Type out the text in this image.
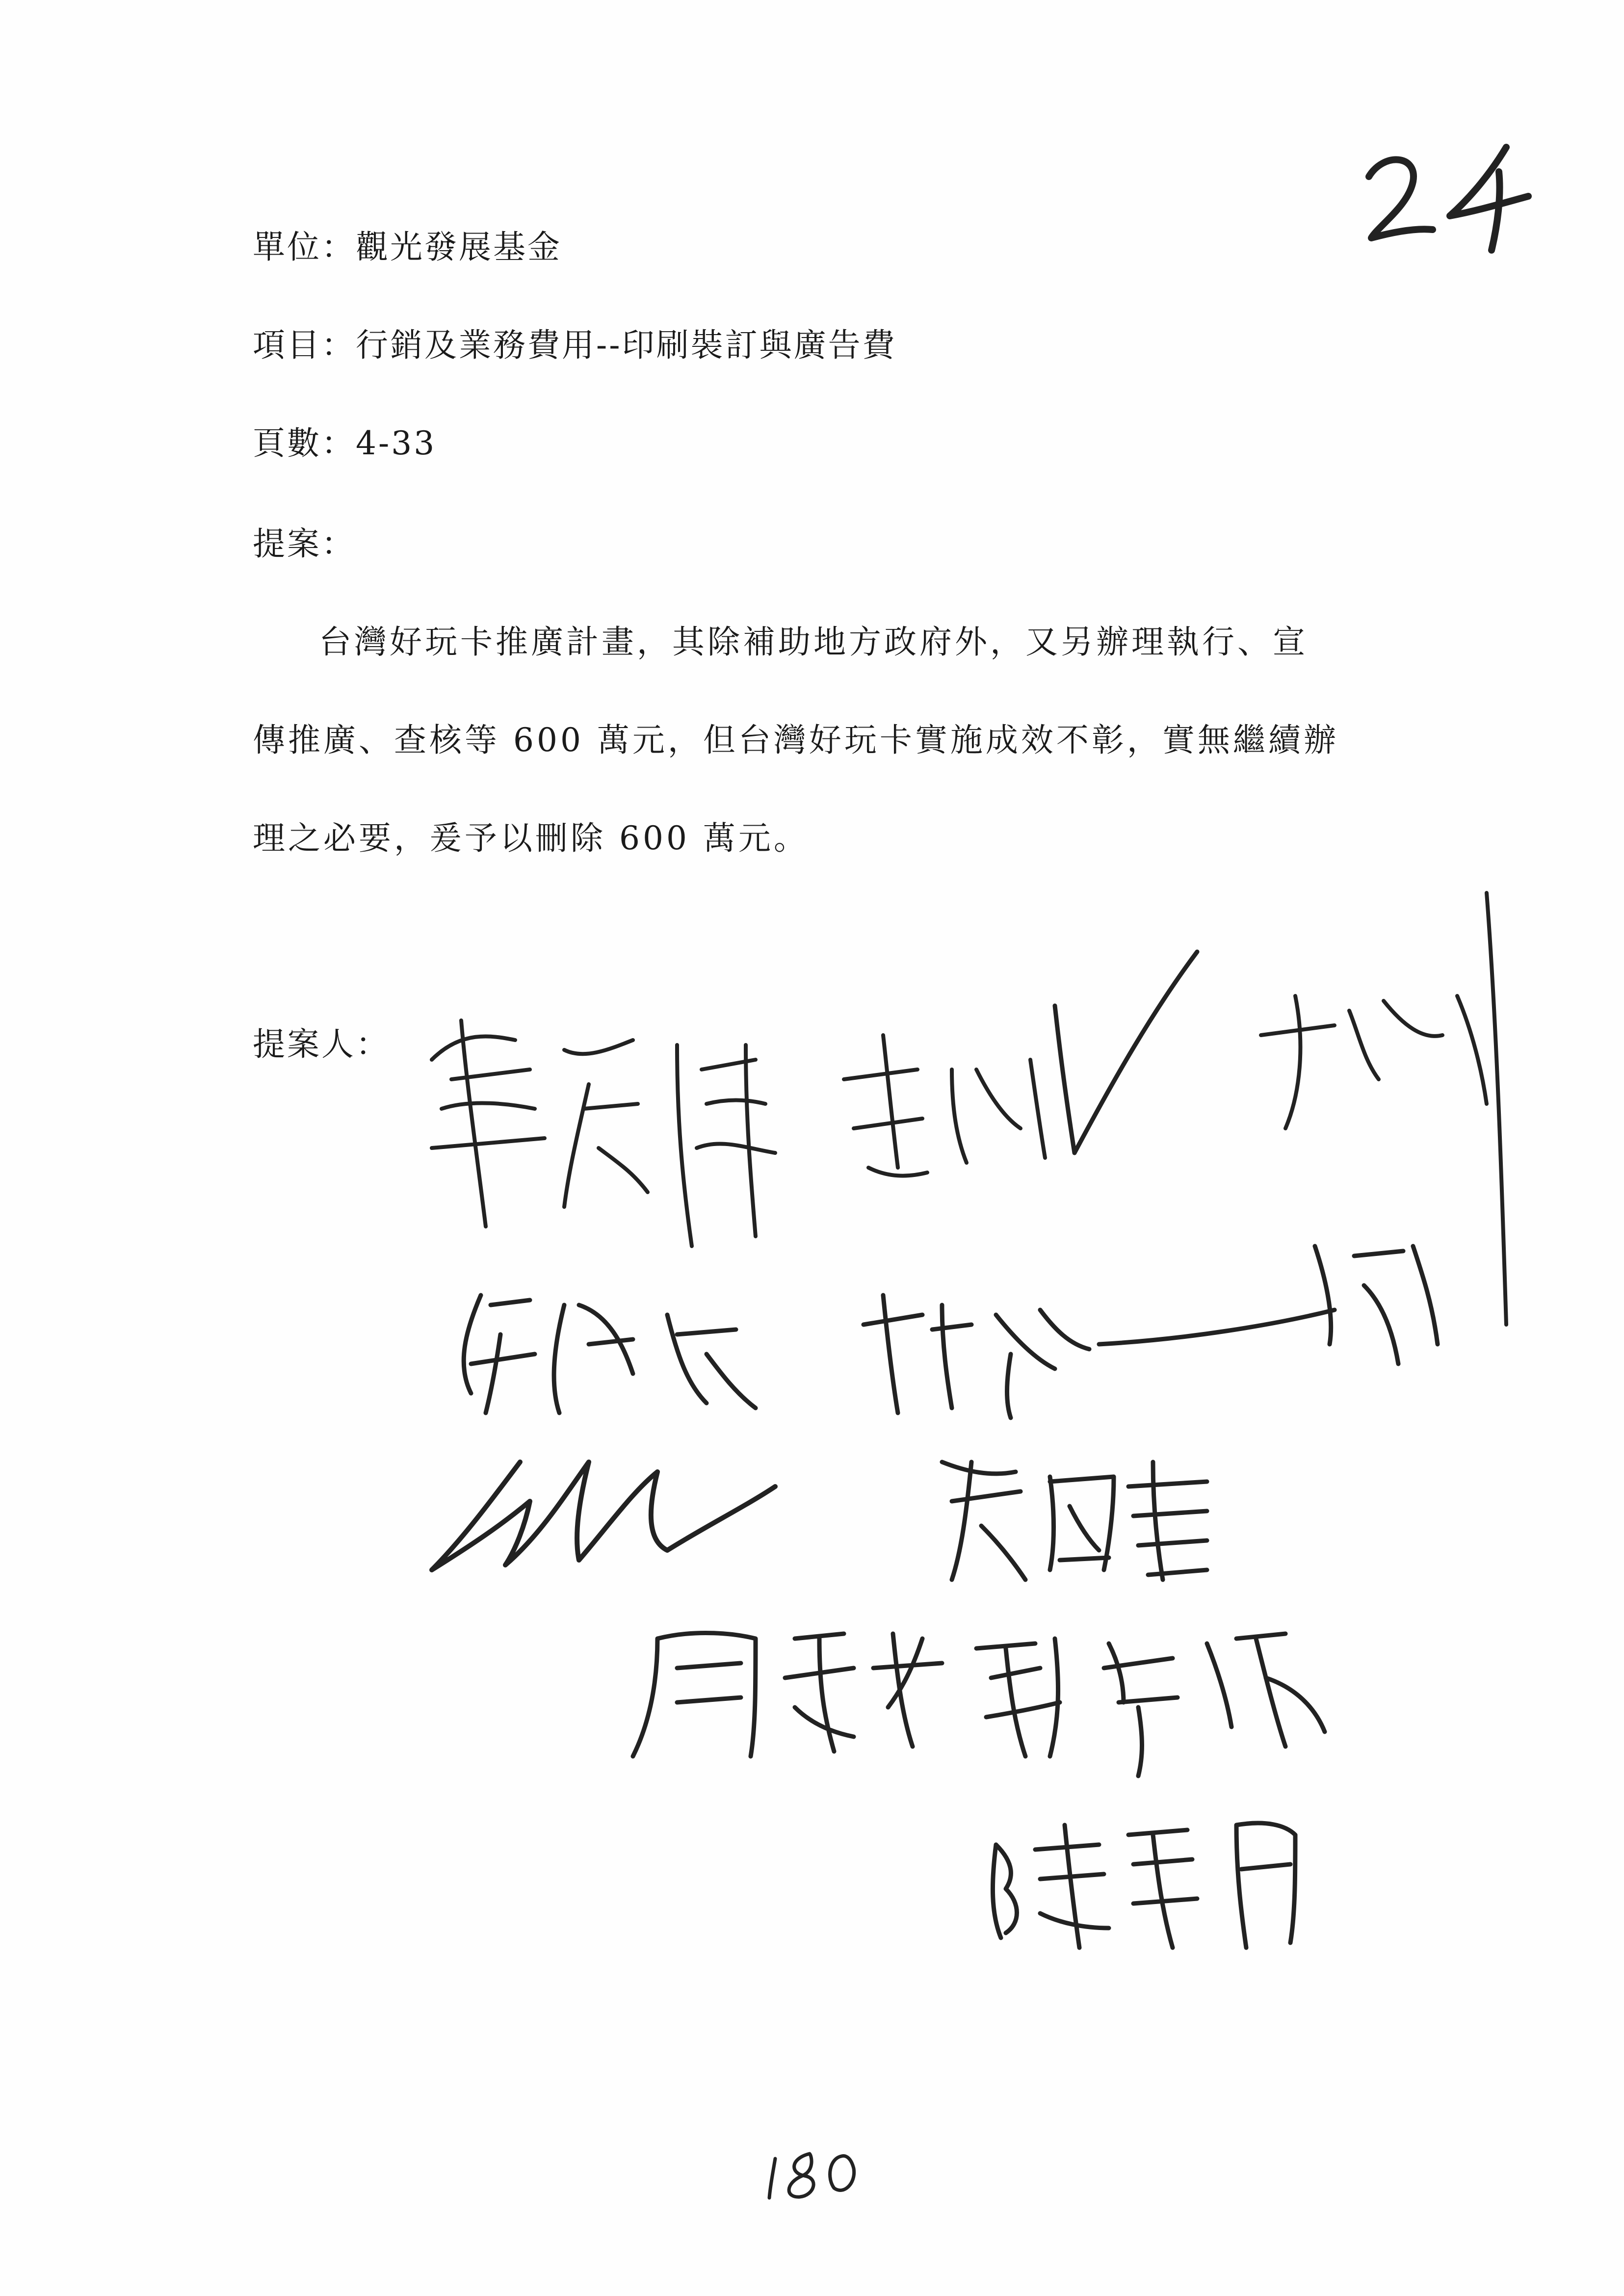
單位：觀光發展基金
項目：行銷及業務費用--印刷裝訂與廣告費
頁數：4-33
提案：

台灣好玩卡推廣計畫，其除補助地方政府外，又另辦理執行、宣

傳推廣、查核等 600 萬元，但台灣好玩卡實施成效不彰，實無繼續辦

理之必要，爰予以刪除 600 萬元。

提案人：
